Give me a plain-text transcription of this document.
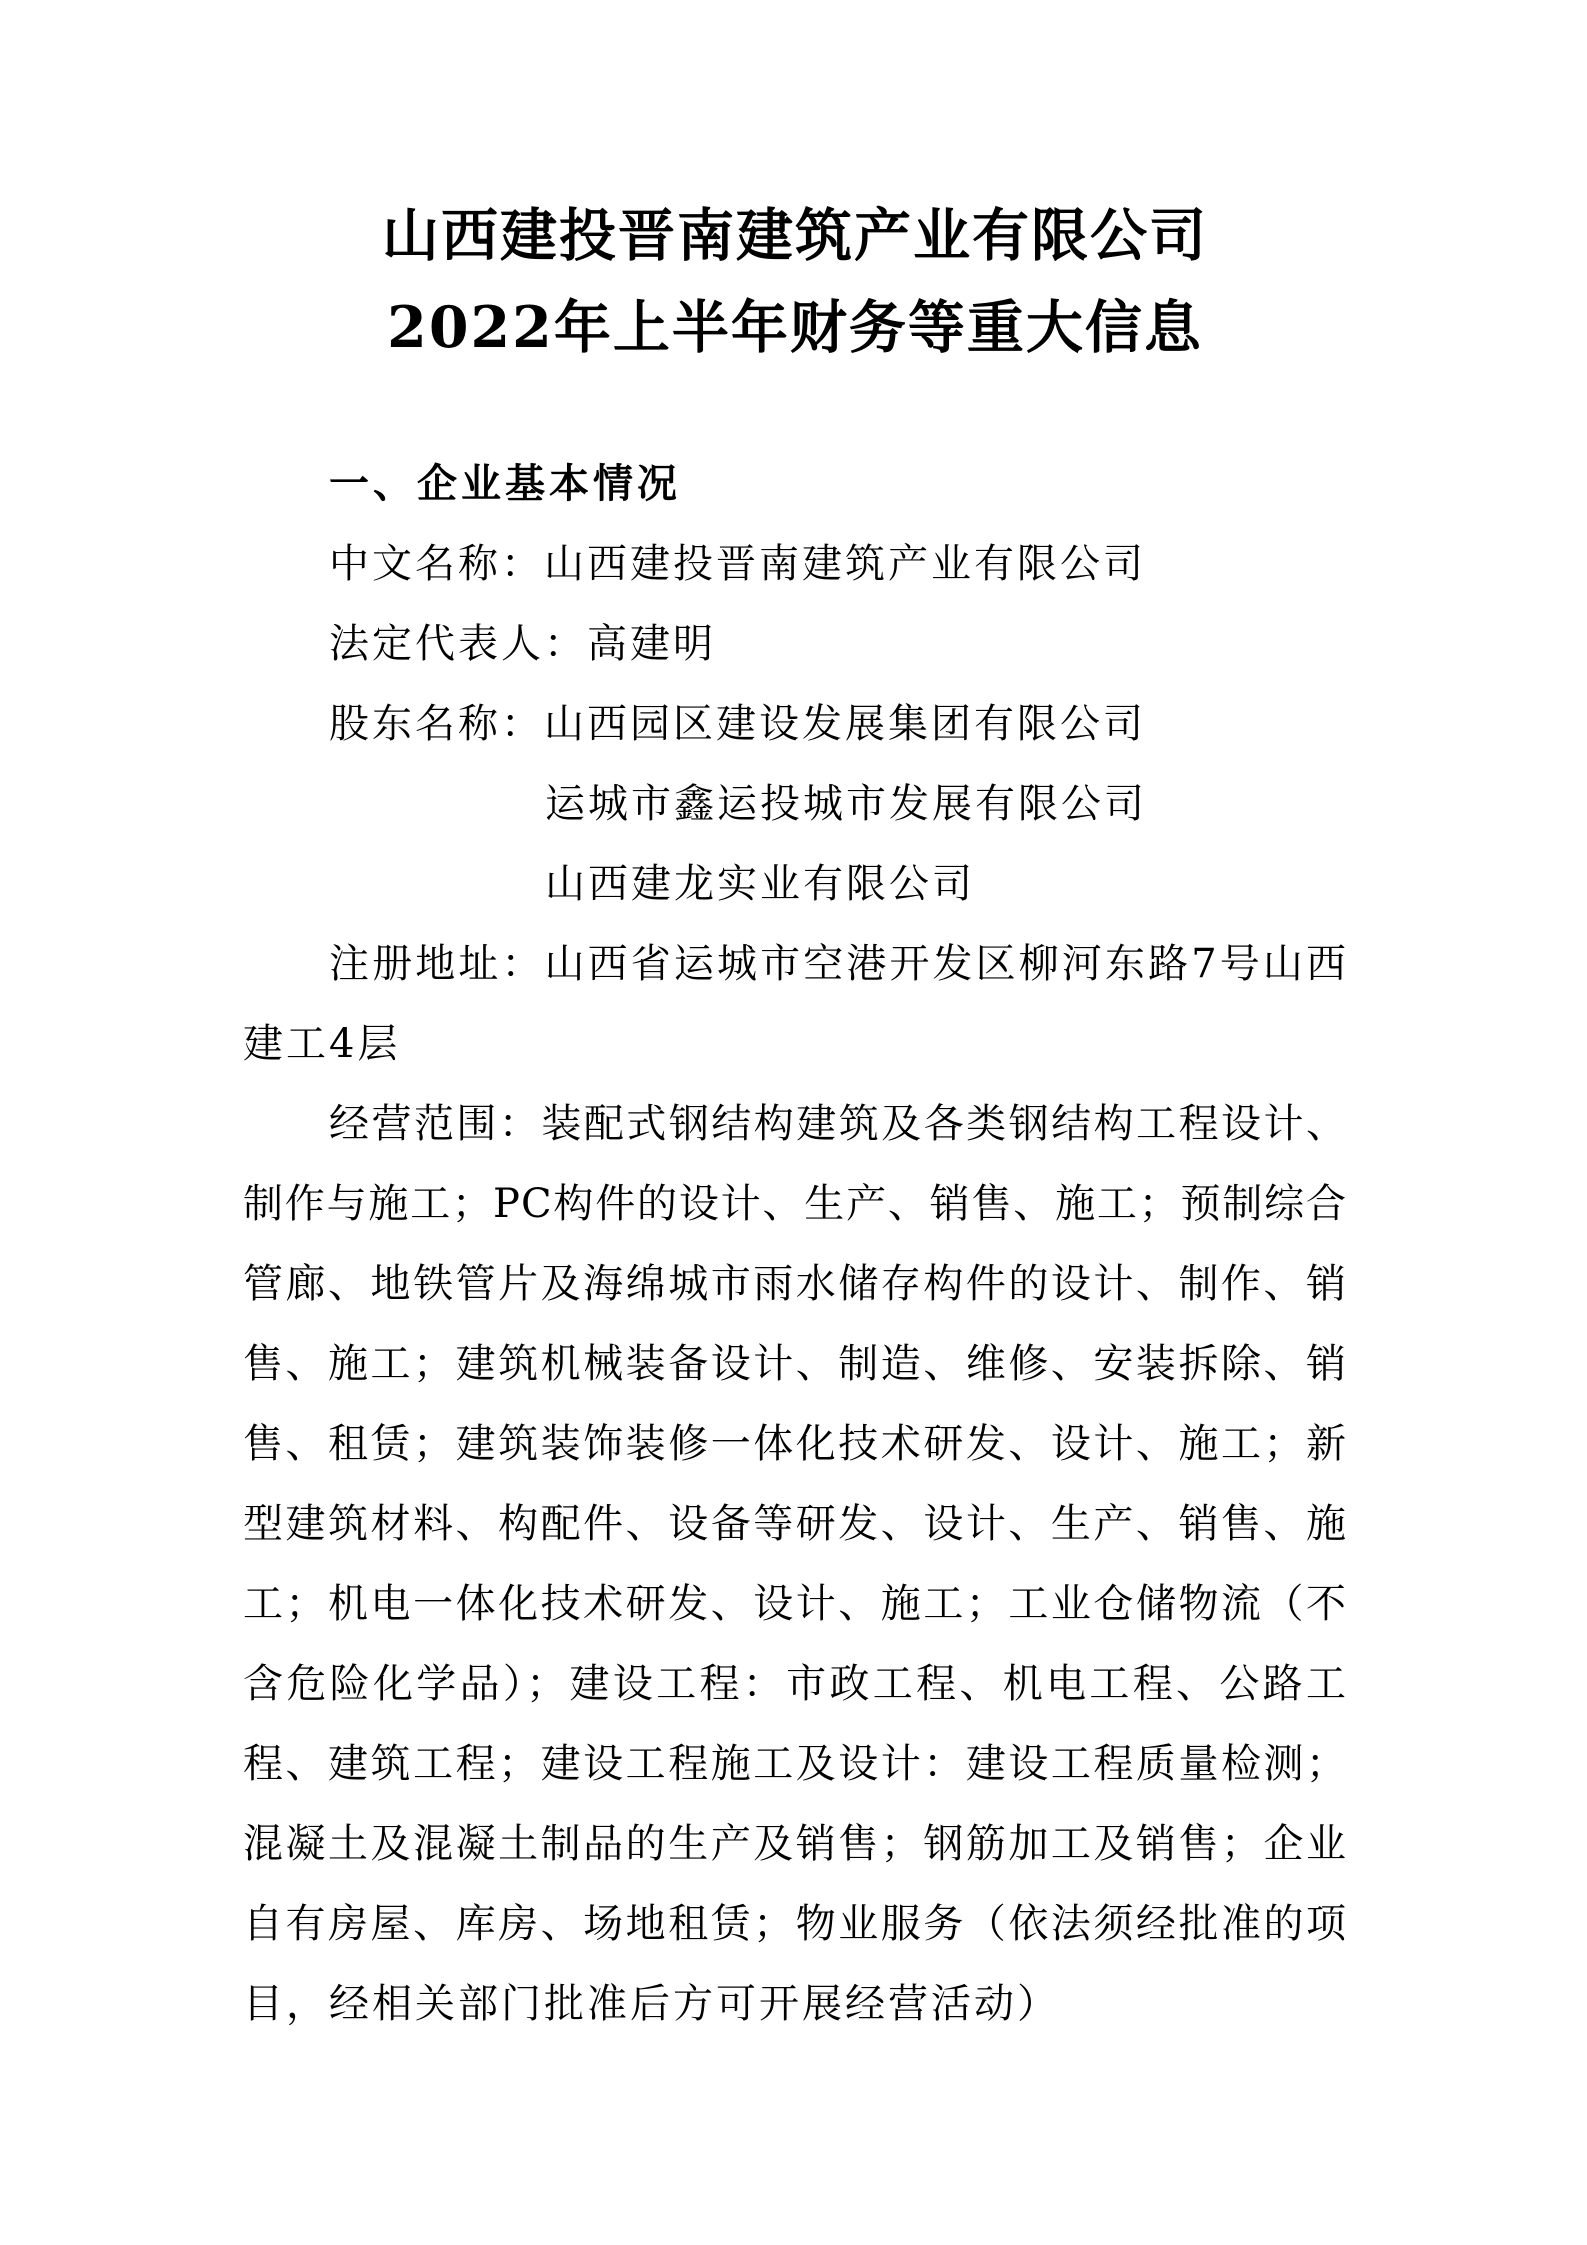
山西建投晋南建筑产业有限公司

2022年上半年财务等重大信息

一、企业基本情况

中文名称：山西建投晋南建筑产业有限公司

法定代表人：高建明

股东名称：山西园区建设发展集团有限公司

运城市鑫运投城市发展有限公司

山西建龙实业有限公司

注册地址：山西省运城市空港开发区柳河东路7号山西

建工4层

经营范围：装配式钢结构建筑及各类钢结构工程设计、

制作与施工；PC构件的设计、生产、销售、施工；预制综合

管廊、地铁管片及海绵城市雨水储存构件的设计、制作、销

售、施工；建筑机械装备设计、制造、维修、安装拆除、销

售、租赁；建筑装饰装修一体化技术研发、设计、施工；新

型建筑材料、构配件、设备等研发、设计、生产、销售、施

工；机电一体化技术研发、设计、施工；工业仓储物流（不

含危险化学品）；建设工程：市政工程、机电工程、公路工

程、建筑工程；建设工程施工及设计：建设工程质量检测；

混凝土及混凝土制品的生产及销售；钢筋加工及销售；企业

自有房屋、库房、场地租赁；物业服务（依法须经批准的项

目，经相关部门批准后方可开展经营活动）
